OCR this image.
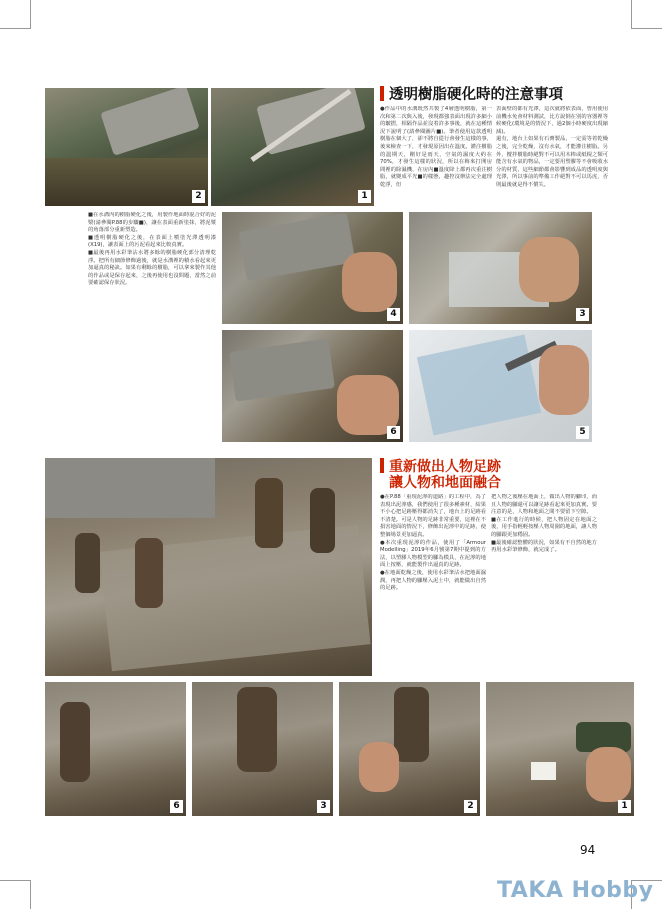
2	1
透明樹脂硬化時的注意事項
●作品中的水溝既然共製了4層透明樹脂，第一次和第二次與入後，發現都強表面出現許多細小的皺摺，相隔作品並沒着許多事後，就在這種情況下說明了(請參閱圖片■)。筆者使用這款透明樹脂在個大了，卻不將自從行會發生這樣的事，後來檢查一下，才發現原因出在溫度。灌注樹脂的溫期天，剛好是雨天，空氣的濕度大約在70%，才發生這樣的狀況，所以在梅來打開房間裡的除濕機，在房內■溫度降上都再次重注樹脂，就變成平光■的樣態，趣控沒辦法完全處理乾淨，但
表面壁的都有光澤，這次就將依表面，曾用使用前機水免會材料測試，比方說倒在別的容器裡等候硬化(環境是的情況下，過2個小時硬度出現縮減)。
還有，地台上如果有石膏製品，一定需等着乾燥之後，完全乾燥，沒有水氣，才能灌注樹脂。另外，攪拌樹脂時絕對不可以用木棒或紙棍之類可能含有水氣的物品，一定要用塑膠等不會吸收水分的材質，這些細節都會影響到成品的透明度與光澤，所以事前的準備工作絕對不可以馬虎，否則最後就是得不償失。
4	3
■在水溝內的樹脂硬化之後，用製作地面時混合好的泥漿(請參閱P.88的步驟■)，讓在表面重新塗抹，將泥漿的角落部分重新塑造。
■透明樹脂硬化之後，在表面上噴塗光澤透明漆(X19)，讓表面上的污泥看起來比較真實。
■最後再用水彩筆沾水將多餘的樹脂硬化部分清理乾淨。把所有細節修飾過後，就是水溝裡的積水看起來更加逼真的秘訣。如果有剩餘的樹脂，可以拿來製作其他的作品或是保存起來，之後再使用也沒問題，當然之前要確認保存狀況。
6	5
重新做出人物足跡
讓人物和地面融合
●在P.88「重現泥濘的道路」的工程中，為了表現出泥濘感，我們使用了很多種素材，結果不小心把足跡壓得都消失了，地台上的足跡看不清楚。可是人物的足跡非常重要，這裡在不損害地面的情況下，修飾出泥濘中的足跡，使整個場景更加逼真。
●本次重現泥濘的作品，使用了「Armour Modelling」2019年6月號第7期中提到的方法，以塑膠人物模型的腳為模具，在泥濘的地面上按壓，就能製作出逼真的足跡。
●在地面乾燥之後，使用水彩筆沾水把地面濕潤，再把人物的腳壓入泥土中，就能做出自然的足跡。
把人物之後壓在地面上，做出人物的腳印，而且人物的腳還可以讓足跡看起來更加真實。要注意的是，人物和地面之間不要留下空隙。
■在工作進行的時候，把人物固定在地面之後，用手指輕輕按壓人物周圍的地面，讓人物的腳跟更加穩固。
■最後確認整體的狀況，如果有不自然的地方再用水彩筆修飾，就完成了。
6	3	2	1
94
TAKA Hobby
